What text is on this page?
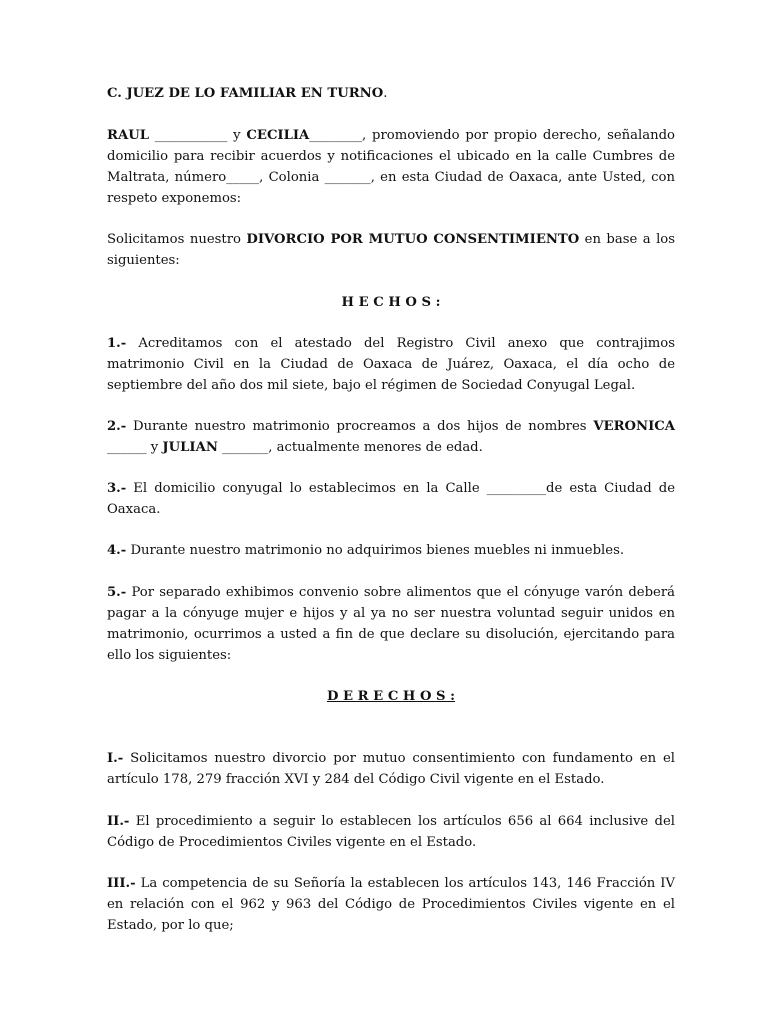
C. JUEZ DE LO FAMILIAR EN TURNO.

RAUL ___________ y CECILIA________, promoviendo por propio derecho, señalando domicilio para recibir acuerdos y notificaciones el ubicado en la calle Cumbres de Maltrata, número_____, Colonia _______, en esta Ciudad de Oaxaca, ante Usted, con respeto exponemos:

Solicitamos nuestro DIVORCIO POR MUTUO CONSENTIMIENTO en base a los siguientes:

H E C H O S :

1.- Acreditamos con el atestado del Registro Civil anexo que contrajimos matrimonio Civil en la Ciudad de Oaxaca de Juárez, Oaxaca, el día ocho de septiembre del año dos mil siete, bajo el régimen de Sociedad Conyugal Legal.

2.- Durante nuestro matrimonio procreamos a dos hijos de nombres VERONICA ______ y JULIAN _______, actualmente menores de edad.

3.- El domicilio conyugal lo establecimos en la Calle _________de esta Ciudad de Oaxaca.

4.- Durante nuestro matrimonio no adquirimos bienes muebles ni inmuebles.

5.- Por separado exhibimos convenio sobre alimentos que el cónyuge varón deberá pagar a la cónyuge mujer e hijos y al ya no ser nuestra voluntad seguir unidos en matrimonio, ocurrimos a usted a fin de que declare su disolución, ejercitando para ello los siguientes:

D E R E C H O S :

I.- Solicitamos nuestro divorcio por mutuo consentimiento con fundamento en el artículo 178, 279 fracción XVI y 284 del Código Civil vigente en el Estado.

II.- El procedimiento a seguir lo establecen los artículos 656 al 664 inclusive del Código de Procedimientos Civiles vigente en el Estado.

III.- La competencia de su Señoría la establecen los artículos 143, 146 Fracción IV en relación con el 962 y 963 del Código de Procedimientos Civiles vigente en el Estado, por lo que;
